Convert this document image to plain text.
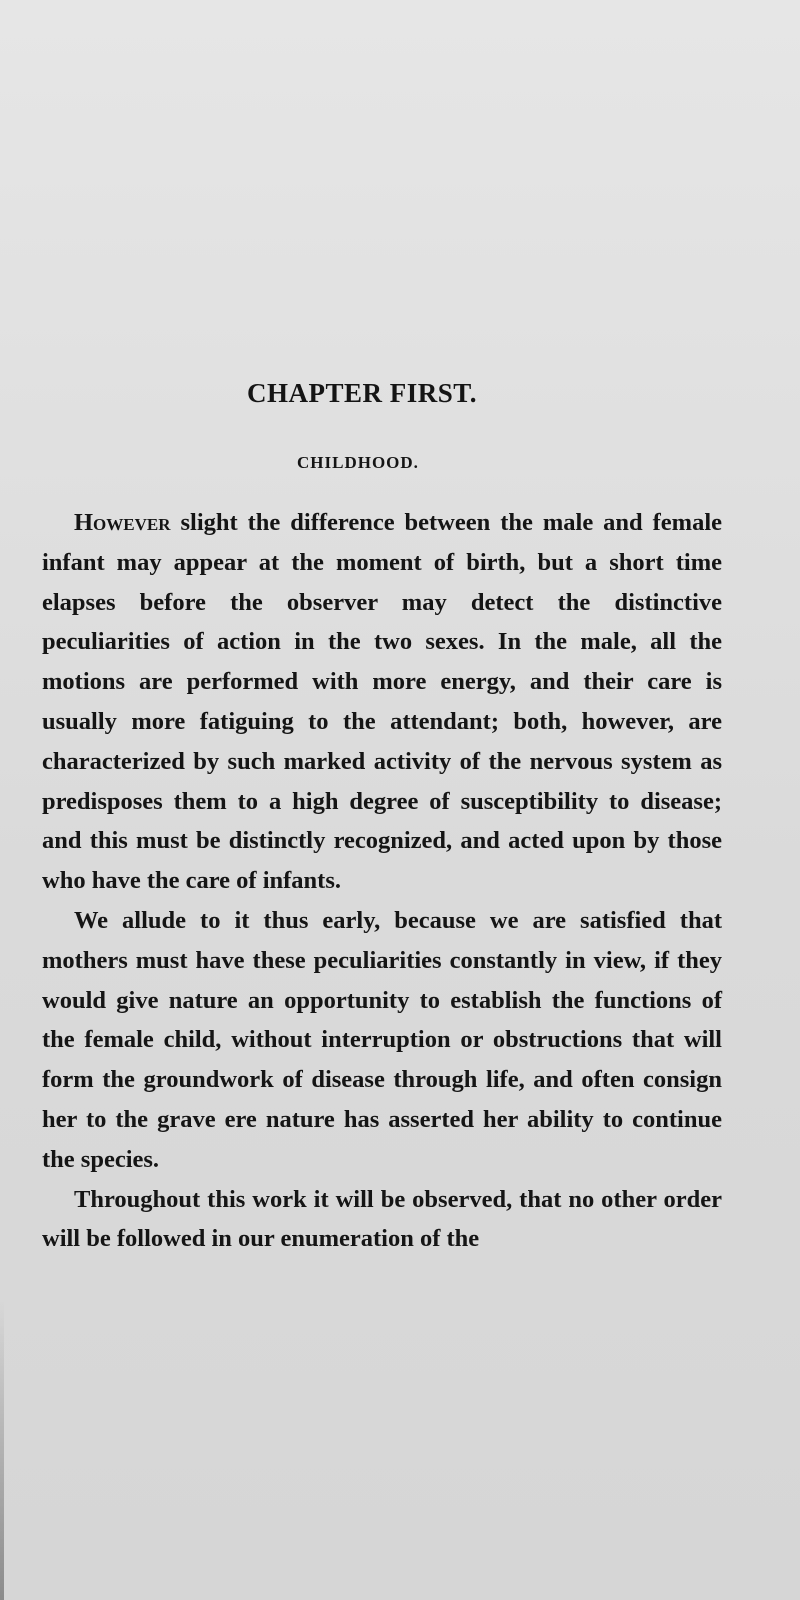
CHAPTER FIRST.
CHILDHOOD.

However slight the difference between the male and female infant may appear at the moment of birth, but a short time elapses before the observer may detect the distinctive peculiarities of action in the two sexes. In the male, all the motions are performed with more energy, and their care is usually more fatiguing to the attendant; both, however, are characterized by such marked activity of the nervous system as predisposes them to a high degree of susceptibility to disease; and this must be distinctly recognized, and acted upon by those who have the care of infants.

We allude to it thus early, because we are satisfied that mothers must have these peculiarities constantly in view, if they would give nature an opportunity to establish the functions of the female child, without interruption or obstructions that will form the groundwork of disease through life, and often consign her to the grave ere nature has asserted her ability to continue the species.

Throughout this work it will be observed, that no other order will be followed in our enumeration of the
